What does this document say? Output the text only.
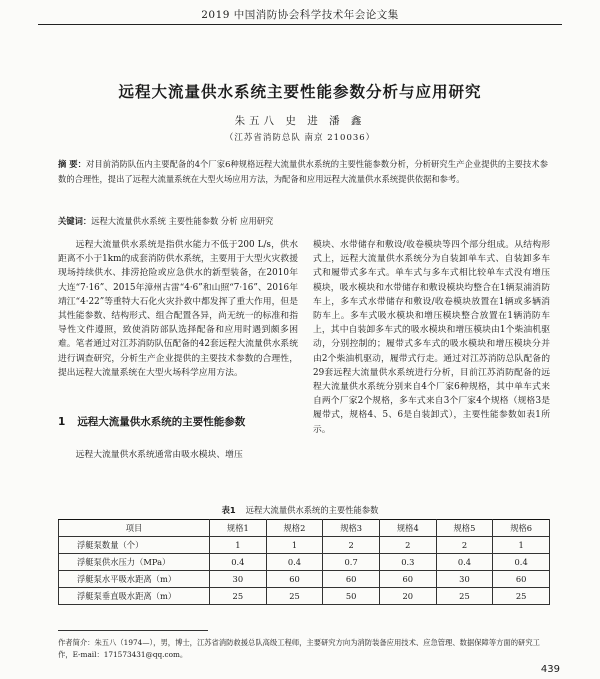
2019 中国消防协会科学技术年会论文集
远程大流量供水系统主要性能参数分析与应用研究
朱五八 史 进 潘 鑫
（江苏省消防总队 南京 210036）
摘 要：对目前消防队伍内主要配备的4个厂家6种规格远程大流量供水系统的主要性能参数分析，分析研究生产企业提供的主要技术参数的合理性，提出了远程大流量系统在大型火场应用方法，为配备和应用远程大流量供水系统提供依据和参考。
关键词：远程大流量供水系统 主要性能参数 分析 应用研究

远程大流量供水系统是指供水能力不低于200 L/s，供水距离不小于1km的成套消防供水系统，主要用于大型火灾救援现场持续供水、排涝抢险或应急供水的新型装备，在2010年大连“7·16”、2015年漳州古雷“4·6”和山照“7·16”、2016年靖江“4·22”等重特大石化火灾扑救中都发挥了重大作用，但是其性能参数、结构形式、组合配置各异，尚无统一的标准和指导性文件遵照，致使消防部队选择配备和应用时遇到颇多困难。笔者通过对江苏消防队伍配备的42套远程大流量供水系统进行调查研究，分析生产企业提供的主要技术参数的合理性，提出远程大流量系统在大型火场科学应用方法。

1 远程大流量供水系统的主要性能参数

远程大流量供水系统通常由吸水模块、增压

模块、水带储存和敷设/收卷模块等四个部分组成。从结构形式上，远程大流量供水系统分为自装卸单车式、自装卸多车式和履带式多车式。单车式与多车式相比较单车式没有增压模块，吸水模块和水带储存和敷设模块均整合在1辆泵浦消防车上，多车式水带储存和敷设/收卷模块放置在1辆或多辆消防车上。多车式吸水模块和增压模块整合放置在1辆消防车上，其中自装卸多车式的吸水模块和增压模块由1个柴油机驱动，分别控制的；履带式多车式的吸水模块和增压模块分并由2个柴油机驱动，履带式行走。通过对江苏消防总队配备的29套远程大流量供水系统进行分析，目前江苏消防配备的远程大流量供水系统分别来自4个厂家6种规格，其中单车式来自两个厂家2个规格，多车式来自3个厂家4个规格（规格3是履带式，规格4、5、6是自装卸式），主要性能参数如表1所示。

表1 远程大流量供水系统的主要性能参数
项目	规格1	规格2	规格3	规格4	规格5	规格6
浮艇泵数量（个）	1	1	2	2	2	1
浮艇泵供水压力（MPa）	0.4	0.4	0.7	0.3	0.4	0.4
浮艇泵水平吸水距离（m）	30	60	60	60	30	60
浮艇泵垂直吸水距离（m）	25	25	50	20	25	25
作者简介：朱五八（1974—），男，博士，江苏省消防救援总队高级工程师，主要研究方向为消防装备应用技术、应急管理、数据保障等方面的研究工作，E-mail：171573431@qq.com。
439
